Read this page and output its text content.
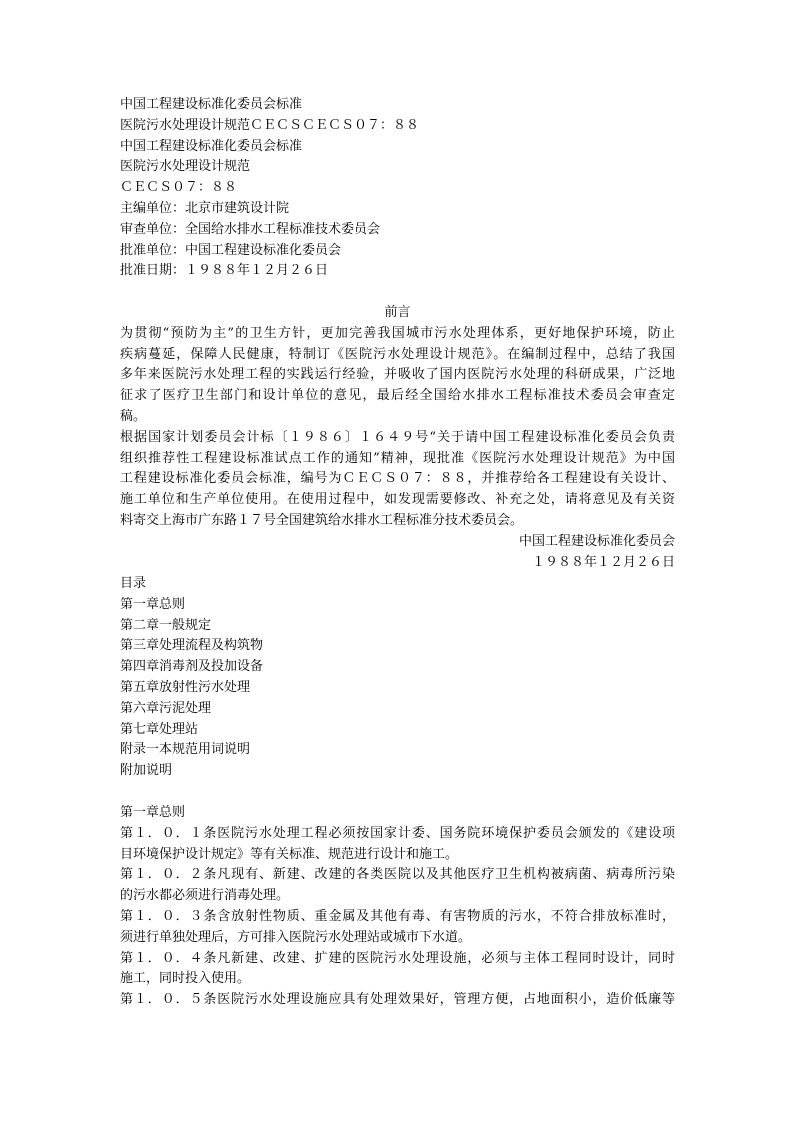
中国工程建设标准化委员会标准
医院污水处理设计规范ＣＥＣＳＣＥＣＳ０７：８８
中国工程建设标准化委员会标准
医院污水处理设计规范
ＣＥＣＳ０７：８８
主编单位：北京市建筑设计院
审查单位：全国给水排水工程标准技术委员会
批准单位：中国工程建设标准化委员会
批准日期：１９８８年１２月２６日
前言
为贯彻“预防为主”的卫生方针，更加完善我国城市污水处理体系，更好地保护环境，防止
疾病蔓延，保障人民健康，特制订《医院污水处理设计规范》。在编制过程中，总结了我国
多年来医院污水处理工程的实践运行经验，并吸收了国内医院污水处理的科研成果，广泛地
征求了医疗卫生部门和设计单位的意见，最后经全国给水排水工程标准技术委员会审查定
稿。
根据国家计划委员会计标〔１９８６〕１６４９号“关于请中国工程建设标准化委员会负责
组织推荐性工程建设标准试点工作的通知”精神，现批准《医院污水处理设计规范》为中国
工程建设标准化委员会标准，编号为ＣＥＣＳ０７：８８，并推荐给各工程建设有关设计、
施工单位和生产单位使用。在使用过程中，如发现需要修改、补充之处，请将意见及有关资
料寄交上海市广东路１７号全国建筑给水排水工程标准分技术委员会。
中国工程建设标准化委员会
１９８８年１２月２６日
目录
第一章总则
第二章一般规定
第三章处理流程及构筑物
第四章消毒剂及投加设备
第五章放射性污水处理
第六章污泥处理
第七章处理站
附录一本规范用词说明
附加说明
第一章总则
第１．０．１条医院污水处理工程必须按国家计委、国务院环境保护委员会颁发的《建设项
目环境保护设计规定》等有关标准、规范进行设计和施工。
第１．０．２条凡现有、新建、改建的各类医院以及其他医疗卫生机构被病菌、病毒所污染
的污水都必须进行消毒处理。
第１．０．３条含放射性物质、重金属及其他有毒、有害物质的污水，不符合排放标准时，
须进行单独处理后，方可排入医院污水处理站或城市下水道。
第１．０．４条凡新建、改建、扩建的医院污水处理设施，必须与主体工程同时设计，同时
施工，同时投入使用。
第１．０．５条医院污水处理设施应具有处理效果好，管理方便，占地面积小，造价低廉等
